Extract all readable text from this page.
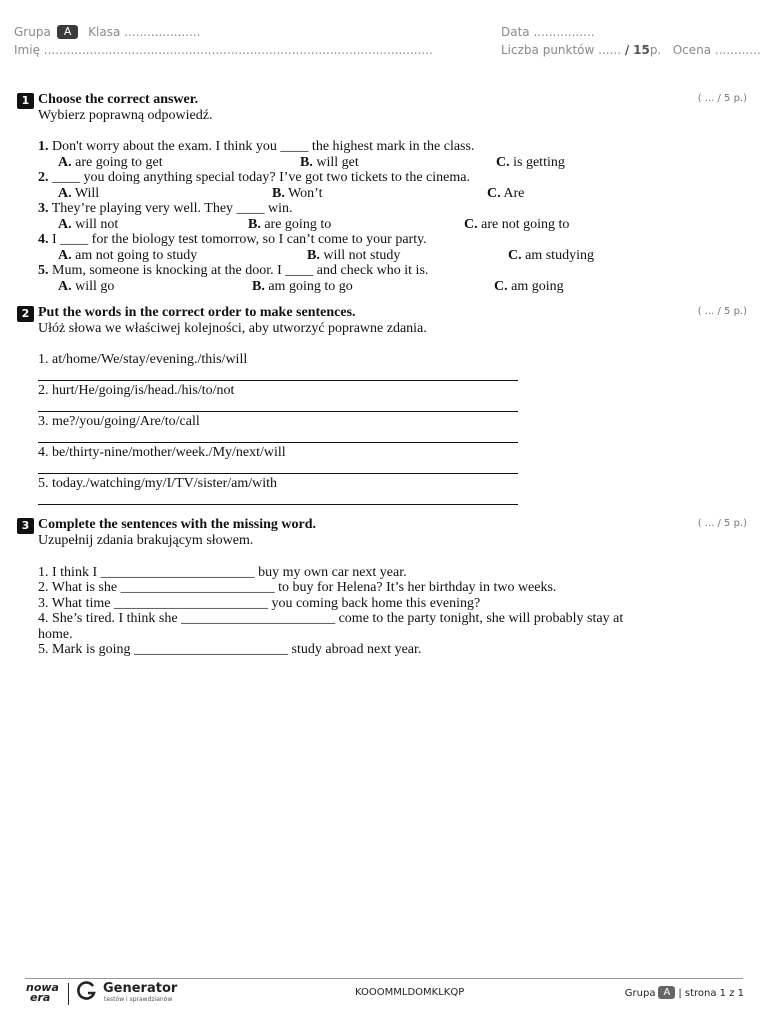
Grupa A Klasa ....................
Imię ......................................................................................................
Data ................
Liczba punktów ...... / 15p. Ocena ............
1 Choose the correct answer.
Wybierz poprawną odpowiedź.
( ... / 5 p.)
1. Don't worry about the exam. I think you ____ the highest mark in the class.
A. are going to get	B. will get	C. is getting
2. ____ you doing anything special today? I’ve got two tickets to the cinema.
A. Will	B. Won’t	C. Are
3. They’re playing very well. They ____ win.
A. will not	B. are going to	C. are not going to
4. I ____ for the biology test tomorrow, so I can’t come to your party.
A. am not going to study	B. will not study	C. am studying
5. Mum, someone is knocking at the door. I ____ and check who it is.
A. will go	B. am going to go	C. am going
2 Put the words in the correct order to make sentences.
Ułóż słowa we właściwej kolejności, aby utworzyć poprawne zdania.
( ... / 5 p.)
1. at/home/We/stay/evening./this/will
2. hurt/He/going/is/head./his/to/not
3. me?/you/going/Are/to/call
4. be/thirty-nine/mother/week./My/next/will
5. today./watching/my/I/TV/sister/am/with
3 Complete the sentences with the missing word.
Uzupełnij zdania brakującym słowem.
( ... / 5 p.)
1. I think I ______________________ buy my own car next year.
2. What is she ______________________ to buy for Helena? It’s her birthday in two weeks.
3. What time ______________________ you coming back home this evening?
4. She’s tired. I think she ______________________ come to the party tonight, she will probably stay at
home.
5. Mark is going ______________________ study abroad next year.
nowa
era
Generator
testów i sprawdzianów
KOOOMMLDOMKLKQP	Grupa A | strona 1 z 1
